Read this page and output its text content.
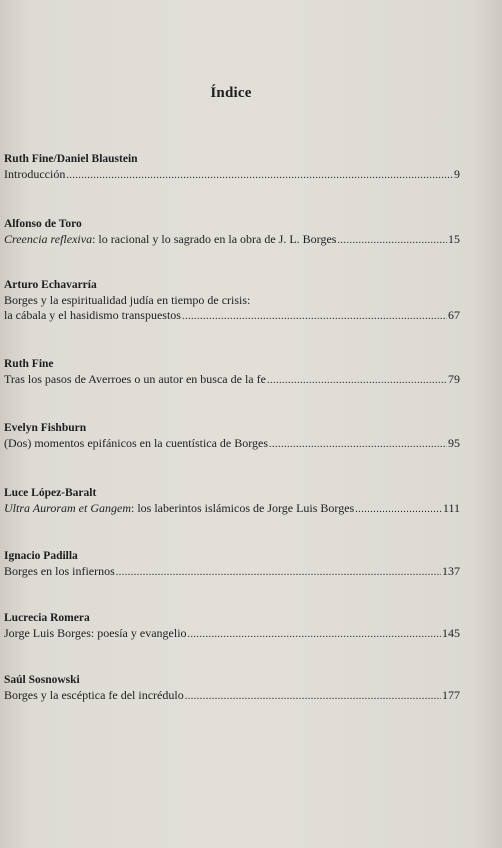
Índice
Ruth Fine/Daniel Blaustein
Introducción .....	9
Alfonso de Toro
Creencia reflexiva: lo racional y lo sagrado en la obra de J. L. Borges .....	15
Arturo Echavarría
Borges y la espiritualidad judía en tiempo de crisis:
la cábala y el hasidismo transpuestos .....	67
Ruth Fine
Tras los pasos de Averroes o un autor en busca de la fe .....	79
Evelyn Fishburn
(Dos) momentos epifánicos en la cuentística de Borges .....	95
Luce López-Baralt
Ultra Auroram et Gangem: los laberintos islámicos de Jorge Luis Borges .....	111
Ignacio Padilla
Borges en los infiernos .....	137
Lucrecia Romera
Jorge Luis Borges: poesía y evangelio .....	145
Saúl Sosnowski
Borges y la escéptica fe del incrédulo .....	177
